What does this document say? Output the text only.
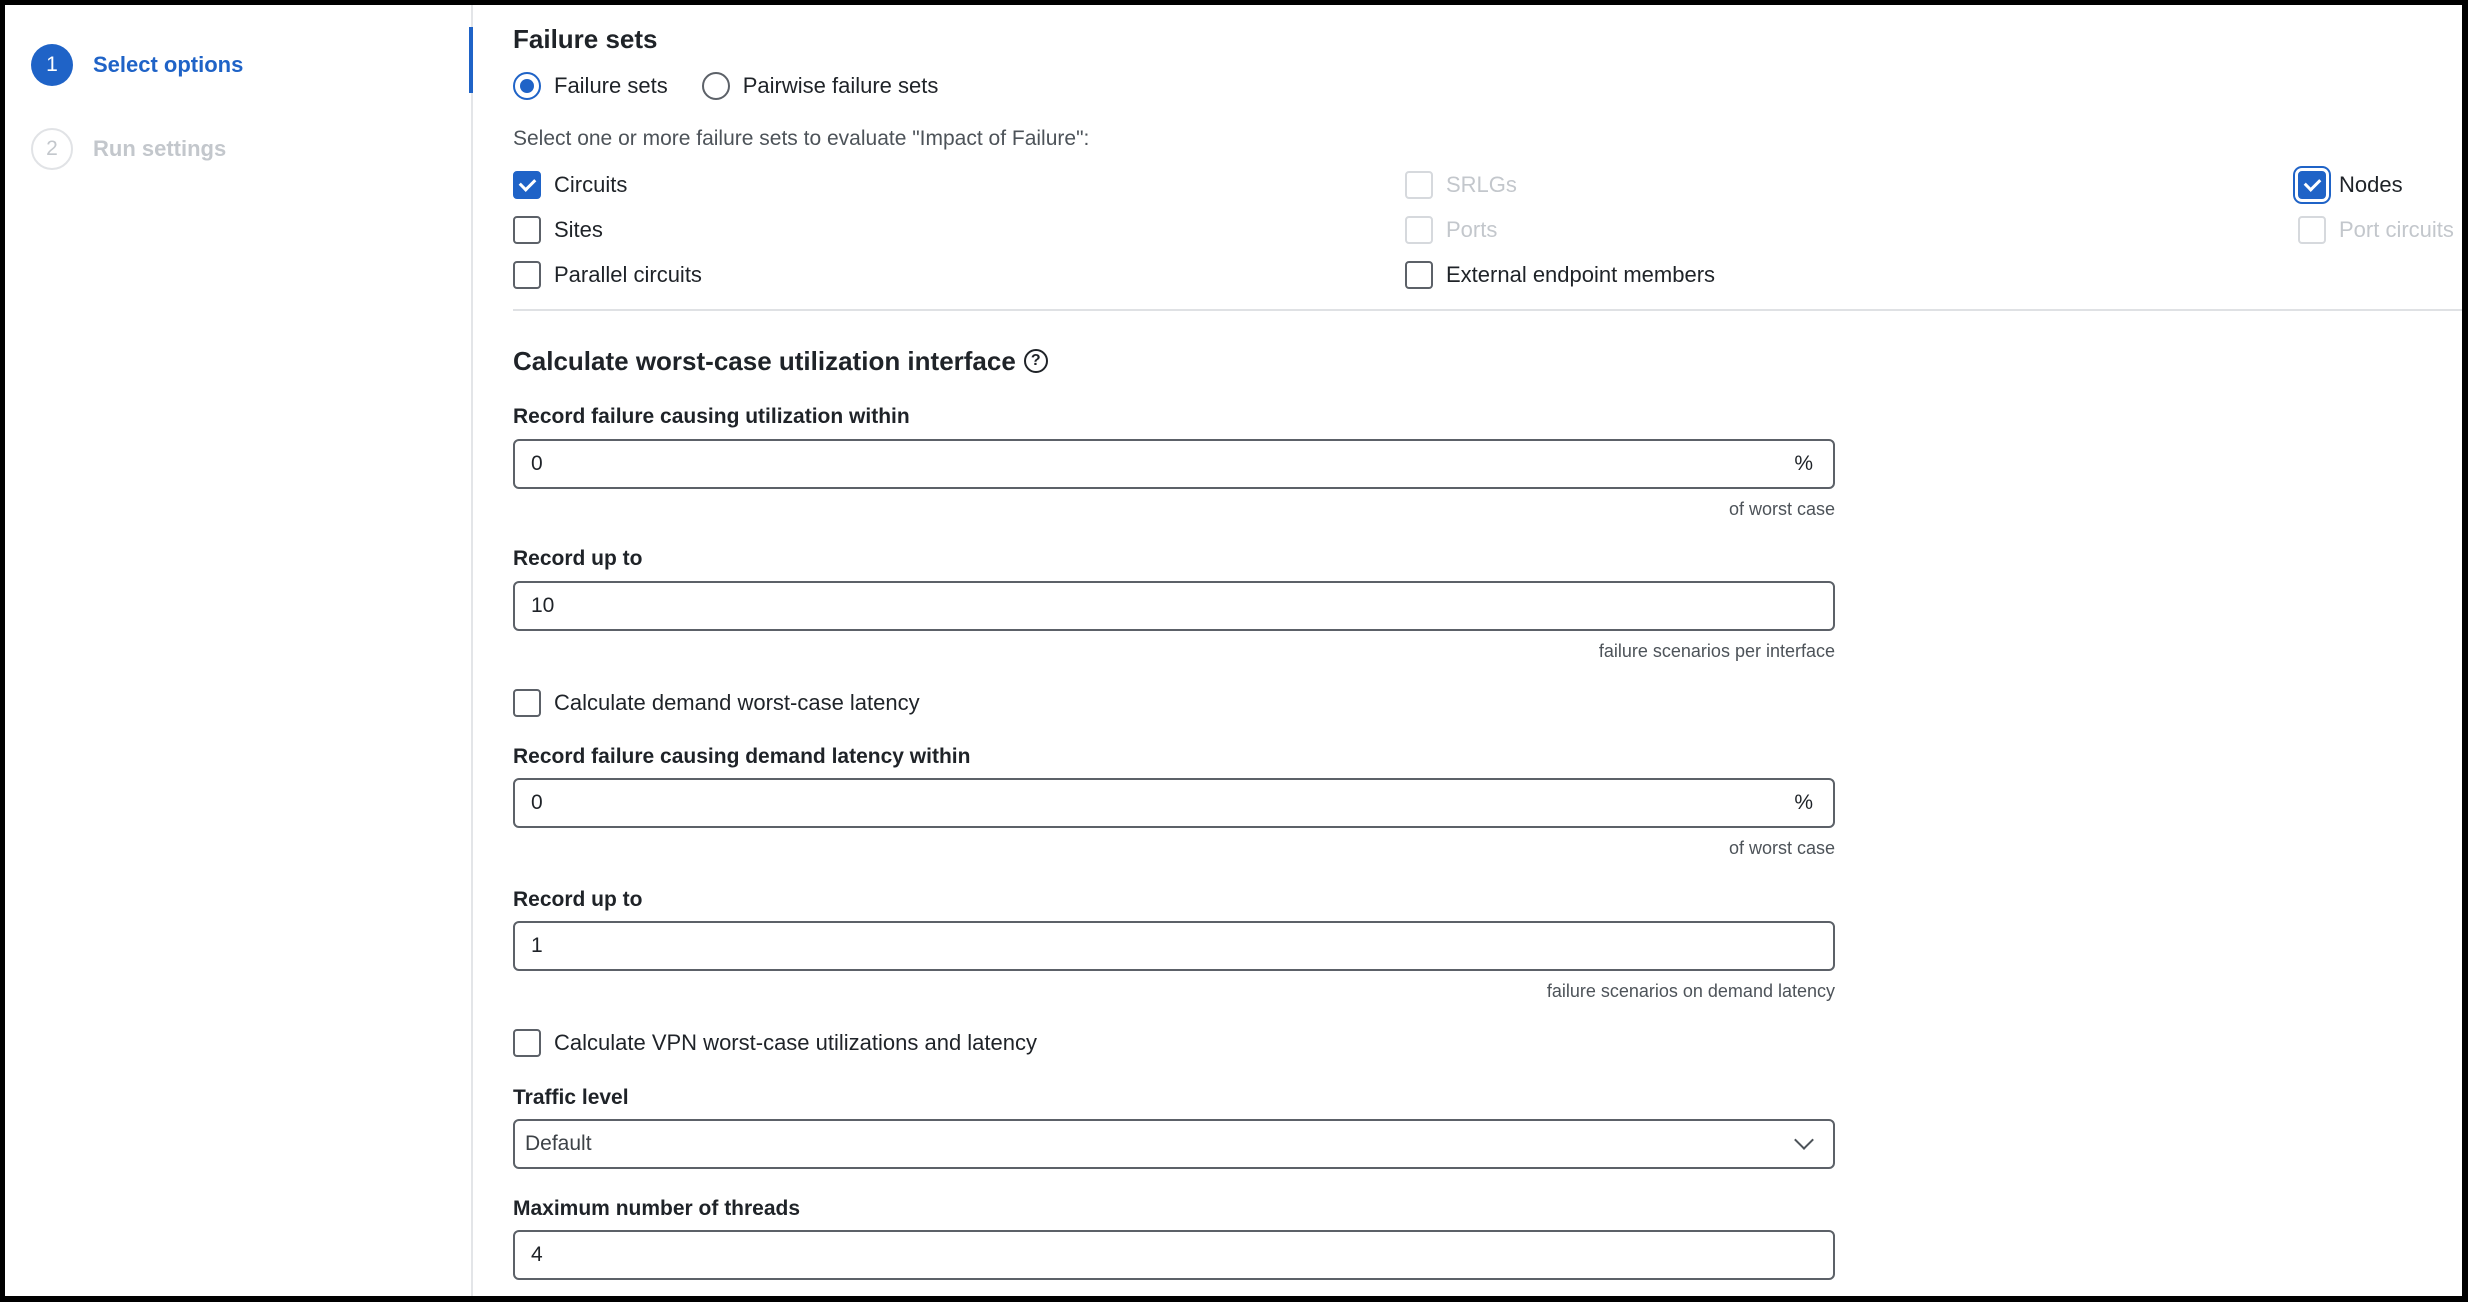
1	Select options
2	Run settings
Failure sets
Failure sets	Pairwise failure sets
Select one or more failure sets to evaluate "Impact of Failure":
Circuits
Sites
Parallel circuits
SRLGs
Ports
External endpoint members
Nodes
Port circuits
Calculate worst-case utilization interface ?
Record failure causing utilization within
0	%
of worst case
Record up to
10
failure scenarios per interface
Calculate demand worst-case latency
Record failure causing demand latency within
0	%
of worst case
Record up to
1
failure scenarios on demand latency
Calculate VPN worst-case utilizations and latency
Traffic level
Default
Maximum number of threads
4
